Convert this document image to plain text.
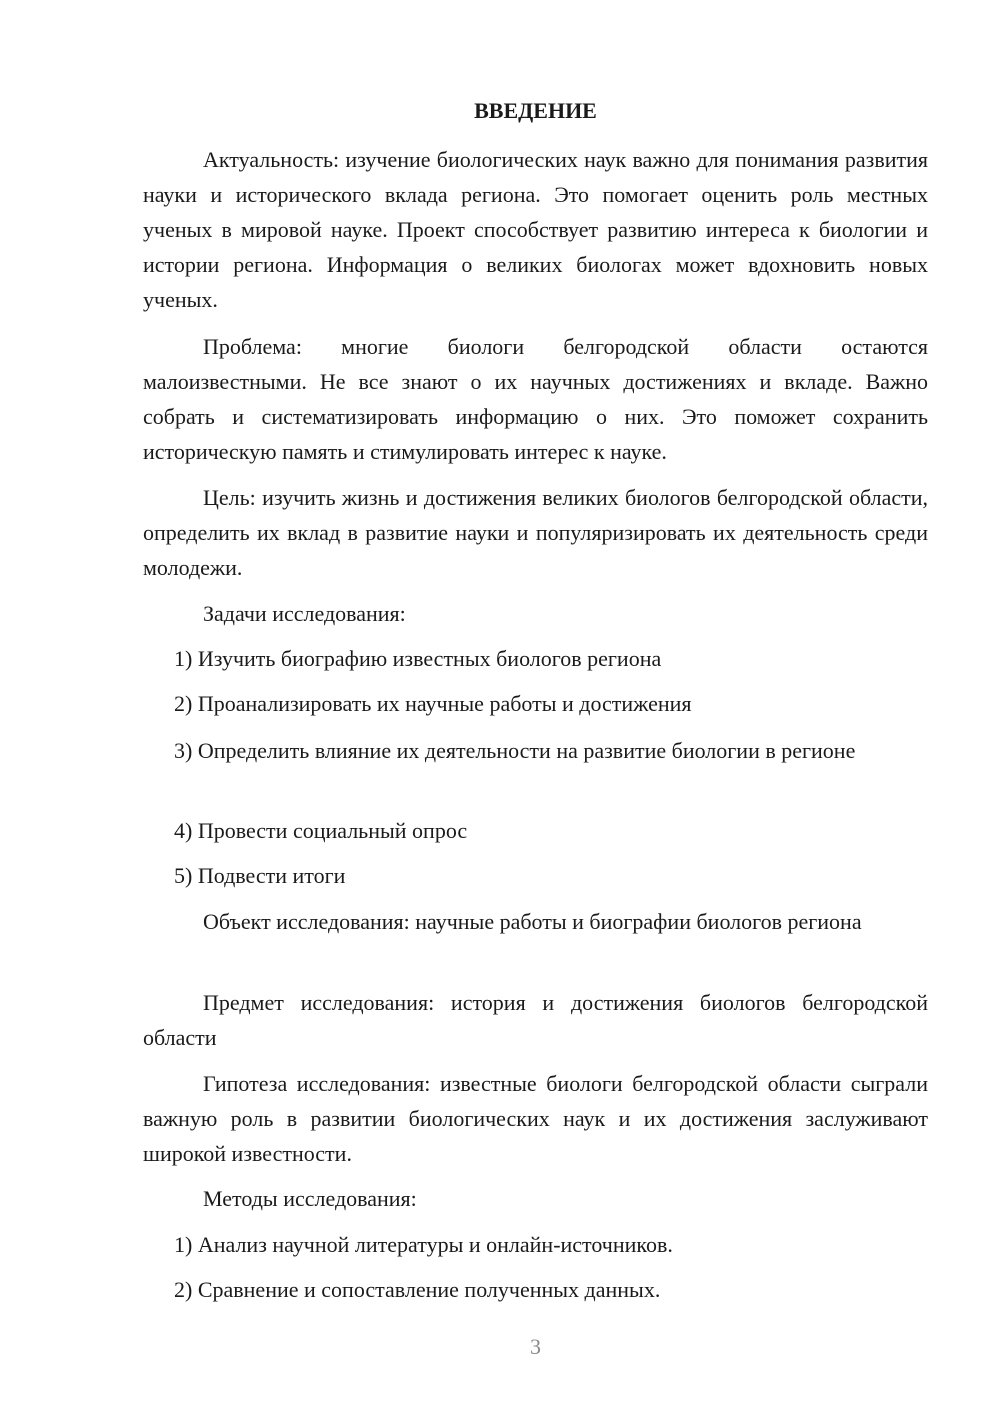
ВВЕДЕНИЕ

Актуальность: изучение биологических наук важно для понимания развития науки и исторического вклада региона. Это помогает оценить роль местных ученых в мировой науке. Проект способствует развитию интереса к биологии и истории региона. Информация о великих биологах может вдохновить новых ученых.

Проблема: многие биологи белгородской области остаются малоизвестными. Не все знают о их научных достижениях и вкладе. Важно собрать и систематизировать информацию о них. Это поможет сохранить историческую память и стимулировать интерес к науке.

Цель: изучить жизнь и достижения великих биологов белгородской области, определить их вклад в развитие науки и популяризировать их деятельность среди молодежи.

Задачи исследования:

1) Изучить биографию известных биологов региона

2) Проанализировать их научные работы и достижения

3) Определить влияние их деятельности на развитие биологии в регионе

4) Провести социальный опрос

5) Подвести итоги

Объект исследования: научные работы и биографии биологов региона

Предмет исследования: история и достижения биологов белгородской области

Гипотеза исследования: известные биологи белгородской области сыграли важную роль в развитии биологических наук и их достижения заслуживают широкой известности.

Методы исследования:

1) Анализ научной литературы и онлайн-источников.

2) Сравнение и сопоставление полученных данных.

3
